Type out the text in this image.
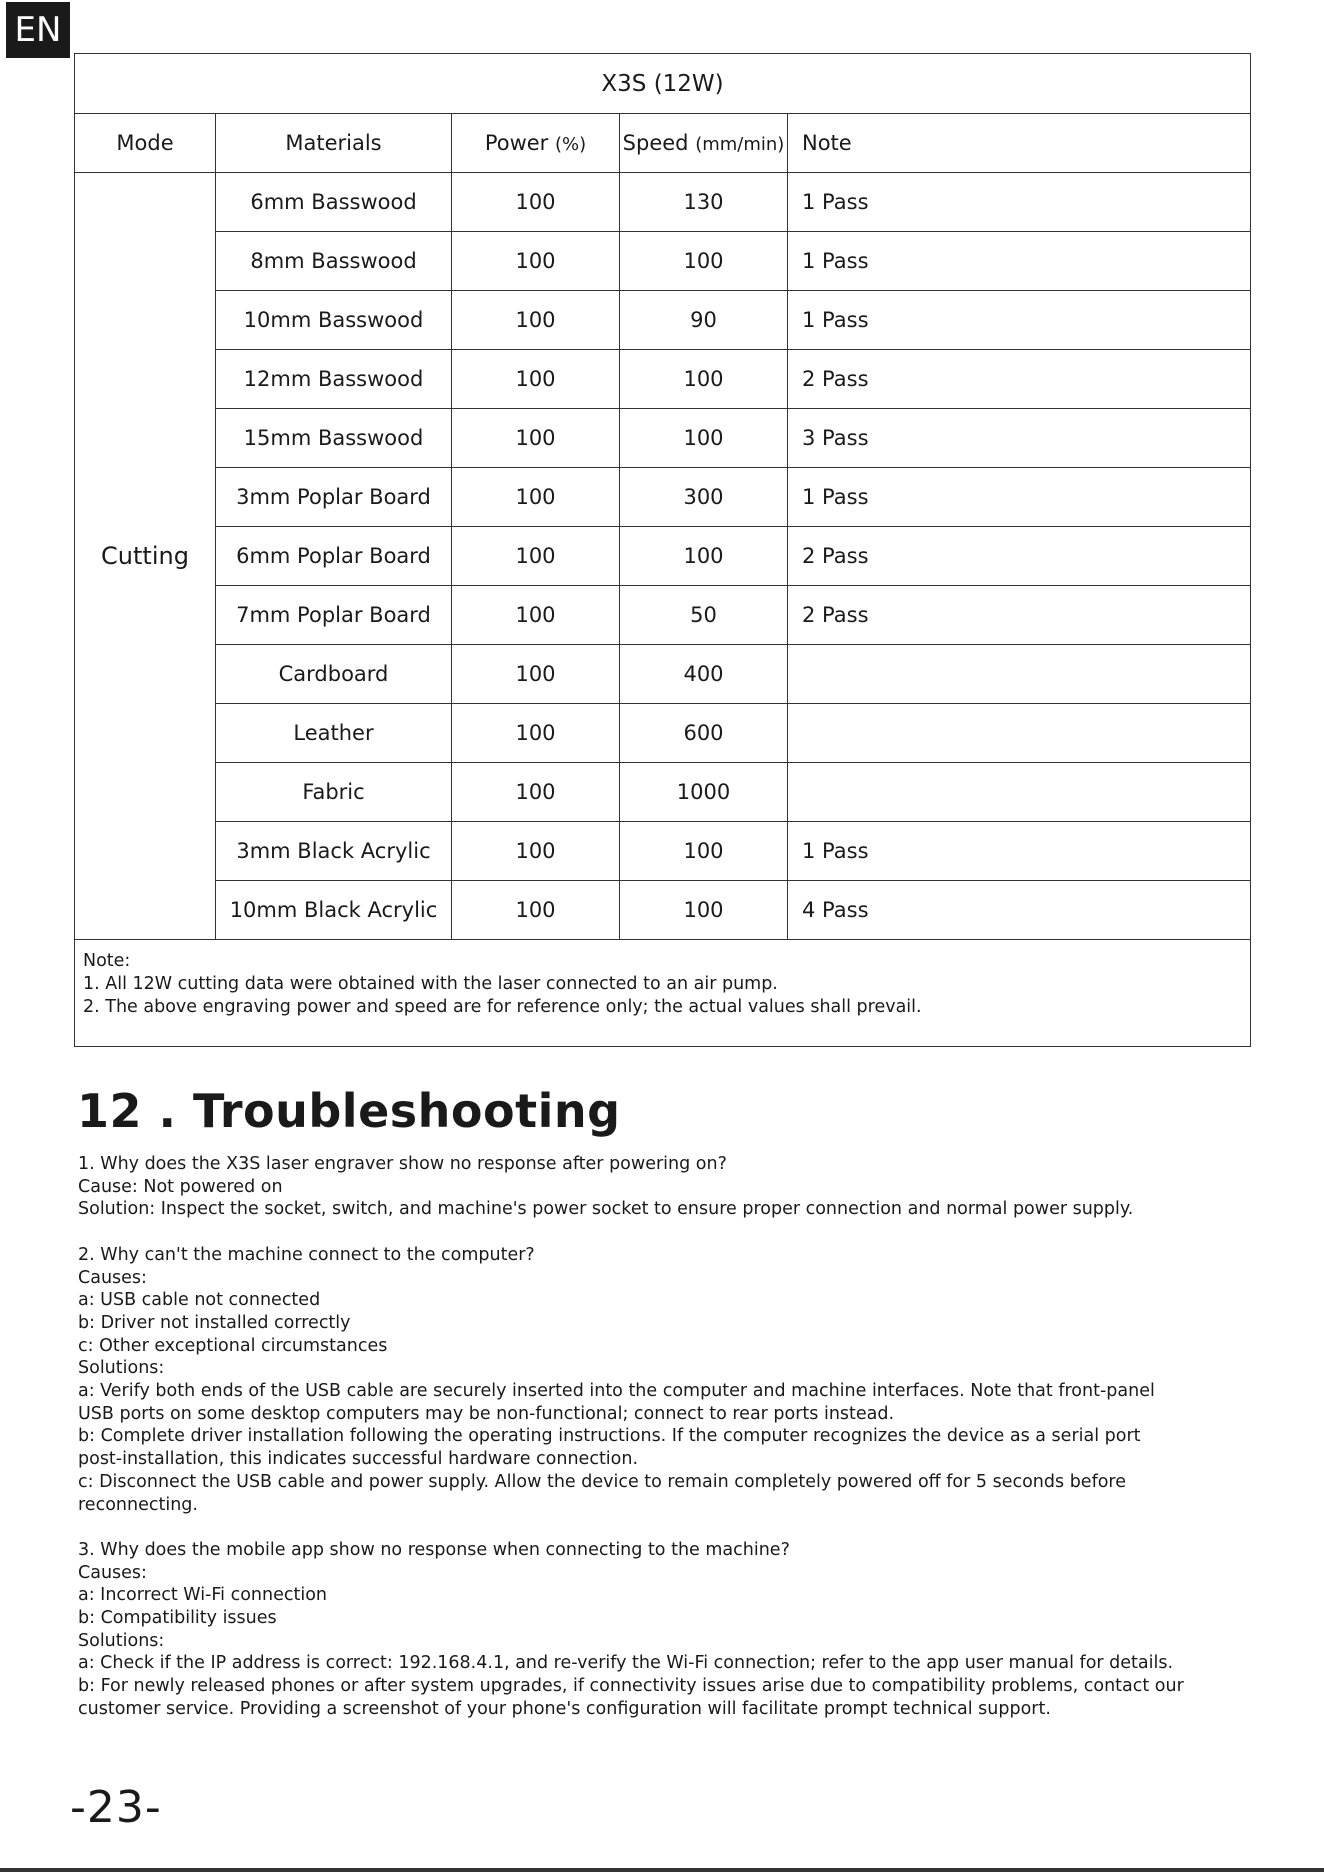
EN
X3S (12W)				
Mode	Materials	Power (%)	Speed (mm/min)	Note
Cutting	6mm Basswood	100	130	1 Pass
	8mm Basswood	100	100	1 Pass
	10mm Basswood	100	90	1 Pass
	12mm Basswood	100	100	2 Pass
	15mm Basswood	100	100	3 Pass
	3mm Poplar Board	100	300	1 Pass
	6mm Poplar Board	100	100	2 Pass
	7mm Poplar Board	100	50	2 Pass
	Cardboard	100	400	
	Leather	100	600	
	Fabric	100	1000	
	3mm Black Acrylic	100	100	1 Pass
	10mm Black Acrylic	100	100	4 Pass

Note:
1. All 12W cutting data were obtained with the laser connected to an air pump.
2. The above engraving power and speed are for reference only; the actual values shall prevail.				
12 . Troubleshooting
1. Why does the X3S laser engraver show no response after powering on?
Cause: Not powered on
Solution: Inspect the socket, switch, and machine's power socket to ensure proper connection and normal power supply.
2. Why can't the machine connect to the computer?
Causes:
a: USB cable not connected
b: Driver not installed correctly
c: Other exceptional circumstances
Solutions:
a: Verify both ends of the USB cable are securely inserted into the computer and machine interfaces. Note that front-panel
USB ports on some desktop computers may be non-functional; connect to rear ports instead.
b: Complete driver installation following the operating instructions. If the computer recognizes the device as a serial port
post-installation, this indicates successful hardware connection.
c: Disconnect the USB cable and power supply. Allow the device to remain completely powered off for 5 seconds before
reconnecting.
3. Why does the mobile app show no response when connecting to the machine?
Causes:
a: Incorrect Wi-Fi connection
b: Compatibility issues
Solutions:
a: Check if the IP address is correct: 192.168.4.1, and re-verify the Wi-Fi connection; refer to the app user manual for details.
b: For newly released phones or after system upgrades, if connectivity issues arise due to compatibility problems, contact our
customer service. Providing a screenshot of your phone's configuration will facilitate prompt technical support.
-23-
